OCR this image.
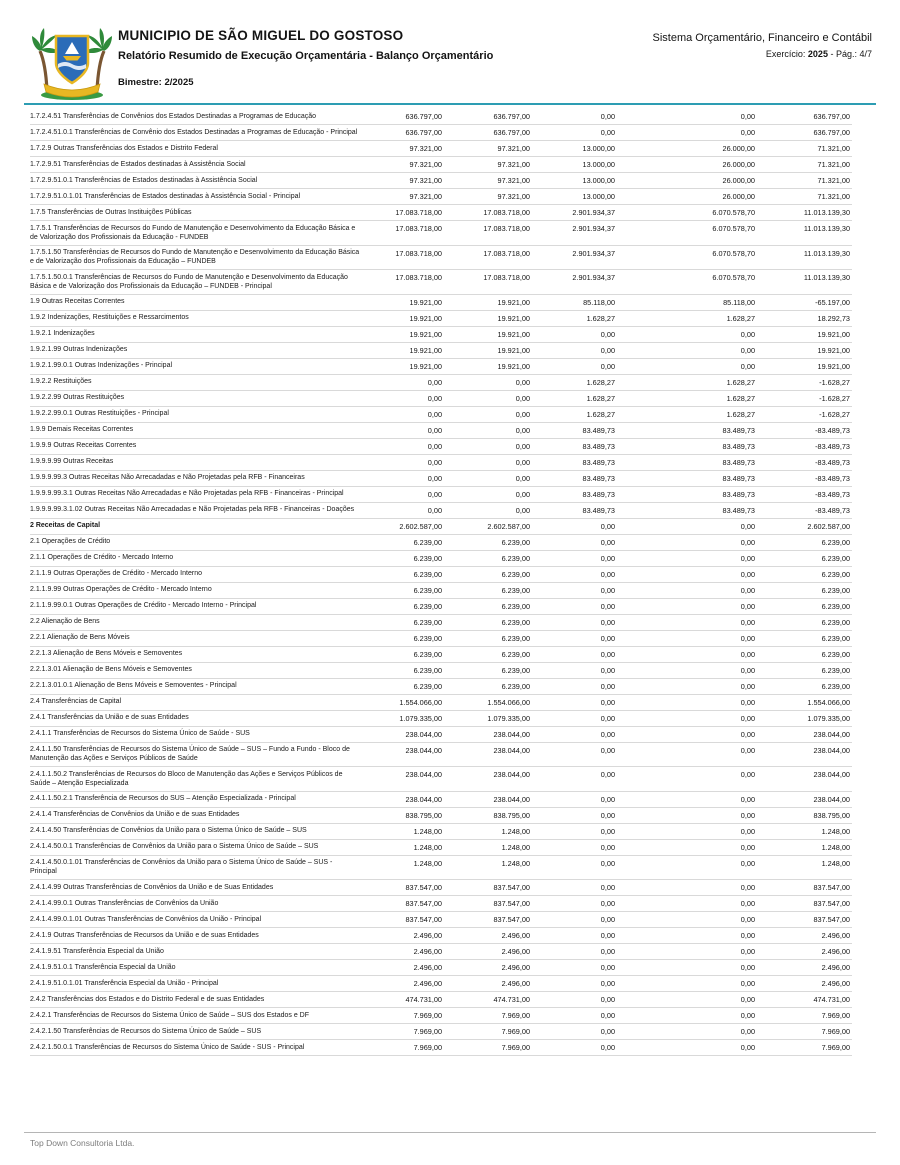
MUNICIPIO DE SÃO MIGUEL DO GOSTOSO
Relatório Resumido de Execução Orçamentária - Balanço Orçamentário
Bimestre: 2/2025
Sistema Orçamentário, Financeiro e Contábil
Exercício: 2025 - Pág.: 4/7
1.7.2.4.51 Transferências de Convênios dos Estados Destinadas a Programas de Educação	636.797,00	636.797,00	0,00	0,00	636.797,00
1.7.2.4.51.0.1 Transferências de Convênio dos Estados Destinadas a Programas de Educação - Principal	636.797,00	636.797,00	0,00	0,00	636.797,00
1.7.2.9 Outras Transferências dos Estados e Distrito Federal	97.321,00	97.321,00	13.000,00	26.000,00	71.321,00
1.7.2.9.51 Transferências de Estados destinadas à Assistência Social	97.321,00	97.321,00	13.000,00	26.000,00	71.321,00
1.7.2.9.51.0.1 Transferências de Estados destinadas à Assistência Social	97.321,00	97.321,00	13.000,00	26.000,00	71.321,00
1.7.2.9.51.0.1.01 Transferências de Estados destinadas à Assistência Social - Principal	97.321,00	97.321,00	13.000,00	26.000,00	71.321,00
1.7.5 Transferências de Outras Instituições Públicas	17.083.718,00	17.083.718,00	2.901.934,37	6.070.578,70	11.013.139,30
1.7.5.1 Transferências de Recursos do Fundo de Manutenção e Desenvolvimento da Educação Básica e de Valorização dos Profissionais da Educação - FUNDEB
17.083.718,00	17.083.718,00	2.901.934,37	6.070.578,70	11.013.139,30
1.7.5.1.50 Transferências de Recursos do Fundo de Manutenção e Desenvolvimento da Educação Básica e de Valorização dos Profissionais da Educação – FUNDEB
17.083.718,00	17.083.718,00	2.901.934,37	6.070.578,70	11.013.139,30
1.7.5.1.50.0.1 Transferências de Recursos do Fundo de Manutenção e Desenvolvimento da Educação Básica e de Valorização dos Profissionais da Educação – FUNDEB - Principal
17.083.718,00	17.083.718,00	2.901.934,37	6.070.578,70	11.013.139,30
1.9 Outras Receitas Correntes	19.921,00	19.921,00	85.118,00	85.118,00	-65.197,00
1.9.2 Indenizações, Restituições e Ressarcimentos	19.921,00	19.921,00	1.628,27	1.628,27	18.292,73
1.9.2.1 Indenizações	19.921,00	19.921,00	0,00	0,00	19.921,00
1.9.2.1.99 Outras Indenizações	19.921,00	19.921,00	0,00	0,00	19.921,00
1.9.2.1.99.0.1 Outras Indenizações - Principal	19.921,00	19.921,00	0,00	0,00	19.921,00
1.9.2.2 Restituições	0,00	0,00	1.628,27	1.628,27	-1.628,27
1.9.2.2.99 Outras Restituições	0,00	0,00	1.628,27	1.628,27	-1.628,27
1.9.2.2.99.0.1 Outras Restituições - Principal	0,00	0,00	1.628,27	1.628,27	-1.628,27
1.9.9 Demais Receitas Correntes	0,00	0,00	83.489,73	83.489,73	-83.489,73
1.9.9.9 Outras Receitas Correntes	0,00	0,00	83.489,73	83.489,73	-83.489,73
1.9.9.9.99 Outras Receitas	0,00	0,00	83.489,73	83.489,73	-83.489,73
1.9.9.9.99.3 Outras Receitas Não Arrecadadas e Não Projetadas pela RFB - Financeiras	0,00	0,00	83.489,73	83.489,73	-83.489,73
1.9.9.9.99.3.1 Outras Receitas Não Arrecadadas e Não Projetadas pela RFB - Financeiras - Principal	0,00	0,00	83.489,73	83.489,73	-83.489,73
1.9.9.9.99.3.1.02 Outras Receitas Não Arrecadadas e Não Projetadas pela RFB - Financeiras - Doações	0,00	0,00	83.489,73	83.489,73	-83.489,73
2 Receitas de Capital	2.602.587,00	2.602.587,00	0,00	0,00	2.602.587,00
2.1 Operações de Crédito	6.239,00	6.239,00	0,00	0,00	6.239,00
2.1.1 Operações de Crédito - Mercado Interno	6.239,00	6.239,00	0,00	0,00	6.239,00
2.1.1.9 Outras Operações de Crédito - Mercado Interno	6.239,00	6.239,00	0,00	0,00	6.239,00
2.1.1.9.99 Outras Operações de Crédito - Mercado Interno	6.239,00	6.239,00	0,00	0,00	6.239,00
2.1.1.9.99.0.1 Outras Operações de Crédito - Mercado Interno - Principal	6.239,00	6.239,00	0,00	0,00	6.239,00
2.2 Alienação de Bens	6.239,00	6.239,00	0,00	0,00	6.239,00
2.2.1 Alienação de Bens Móveis	6.239,00	6.239,00	0,00	0,00	6.239,00
2.2.1.3 Alienação de Bens Móveis e Semoventes	6.239,00	6.239,00	0,00	0,00	6.239,00
2.2.1.3.01 Alienação de Bens Móveis e Semoventes	6.239,00	6.239,00	0,00	0,00	6.239,00
2.2.1.3.01.0.1 Alienação de Bens Móveis e Semoventes - Principal	6.239,00	6.239,00	0,00	0,00	6.239,00
2.4 Transferências de Capital	1.554.066,00	1.554.066,00	0,00	0,00	1.554.066,00
2.4.1 Transferências da União e de suas Entidades	1.079.335,00	1.079.335,00	0,00	0,00	1.079.335,00
2.4.1.1 Transferências de Recursos do Sistema Único de Saúde - SUS	238.044,00	238.044,00	0,00	0,00	238.044,00
2.4.1.1.50 Transferências de Recursos do Sistema Único de Saúde – SUS – Fundo a Fundo - Bloco de Manutenção das Ações e Serviços Públicos de Saúde
238.044,00	238.044,00	0,00	0,00	238.044,00
2.4.1.1.50.2 Transferências de Recursos do Bloco de Manutenção das Ações e Serviços Públicos de Saúde – Atenção Especializada
238.044,00	238.044,00	0,00	0,00	238.044,00
2.4.1.1.50.2.1 Transferência de Recursos do SUS – Atenção Especializada - Principal	238.044,00	238.044,00	0,00	0,00	238.044,00
2.4.1.4 Transferências de Convênios da União e de suas Entidades	838.795,00	838.795,00	0,00	0,00	838.795,00
2.4.1.4.50 Transferências de Convênios da União para o Sistema Único de Saúde – SUS	1.248,00	1.248,00	0,00	0,00	1.248,00
2.4.1.4.50.0.1 Transferências de Convênios da União para o Sistema Único de Saúde – SUS	1.248,00	1.248,00	0,00	0,00	1.248,00
2.4.1.4.50.0.1.01 Transferências de Convênios da União para o Sistema Único de Saúde – SUS - Principal
1.248,00	1.248,00	0,00	0,00	1.248,00
2.4.1.4.99 Outras Transferências de Convênios da União e de Suas Entidades	837.547,00	837.547,00	0,00	0,00	837.547,00
2.4.1.4.99.0.1 Outras Transferências de Convênios da União	837.547,00	837.547,00	0,00	0,00	837.547,00
2.4.1.4.99.0.1.01 Outras Transferências de Convênios da União - Principal	837.547,00	837.547,00	0,00	0,00	837.547,00
2.4.1.9 Outras Transferências de Recursos da União e de suas Entidades	2.496,00	2.496,00	0,00	0,00	2.496,00
2.4.1.9.51 Transferência Especial da União	2.496,00	2.496,00	0,00	0,00	2.496,00
2.4.1.9.51.0.1 Transferência Especial da União	2.496,00	2.496,00	0,00	0,00	2.496,00
2.4.1.9.51.0.1.01 Transferência Especial da União - Principal	2.496,00	2.496,00	0,00	0,00	2.496,00
2.4.2 Transferências dos Estados e do Distrito Federal e de suas Entidades	474.731,00	474.731,00	0,00	0,00	474.731,00
2.4.2.1 Transferências de Recursos do Sistema Único de Saúde – SUS dos Estados e DF	7.969,00	7.969,00	0,00	0,00	7.969,00
2.4.2.1.50 Transferências de Recursos do Sistema Único de Saúde – SUS	7.969,00	7.969,00	0,00	0,00	7.969,00
2.4.2.1.50.0.1 Transferências de Recursos do Sistema Único de Saúde - SUS - Principal	7.969,00	7.969,00	0,00	0,00	7.969,00
Top Down Consultoria Ltda.
